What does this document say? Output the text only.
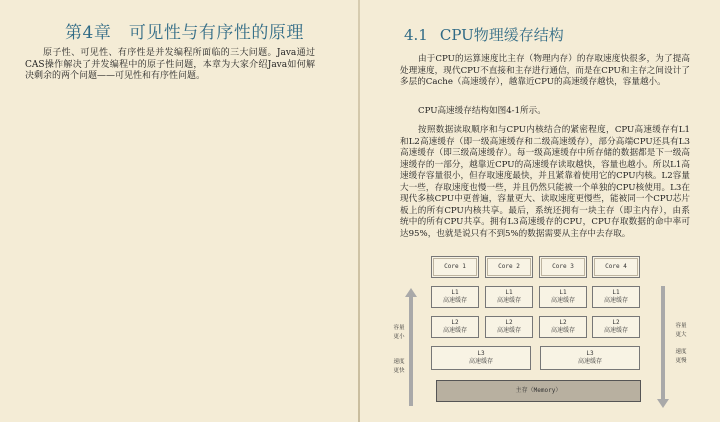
第4章　可见性与有序性的原理

原子性、可见性、有序性是并发编程所面临的三大问题。Java通过CAS操作解决了并发编程中的原子性问题，本章为大家介绍Java如何解决剩余的两个问题——可见性和有序性问题。

4.1 CPU物理缓存结构

由于CPU的运算速度比主存（物理内存）的存取速度快很多，为了提高处理速度，现代CPU不直接和主存进行通信，而是在CPU和主存之间设计了多层的Cache（高速缓存），越靠近CPU的高速缓存越快，容量越小。

CPU高速缓存结构如图4-1所示。

按照数据读取顺序和与CPU内核结合的紧密程度，CPU高速缓存有L1和L2高速缓存（即一级高速缓存和二级高速缓存），部分高端CPU还具有L3高速缓存（即三级高速缓存）。每一级高速缓存中所存储的数据都是下一级高速缓存的一部分，越靠近CPU的高速缓存读取越快，容量也越小。所以L1高速缓存容量很小，但存取速度最快，并且紧靠着使用它的CPU内核。L2容量大一些，存取速度也慢一些，并且仍然只能被一个单独的CPU核使用。L3在现代多核CPU中更普遍，容量更大、读取速度更慢些，能被同一个CPU芯片板上的所有CPU内核共享。最后，系统还拥有一块主存（即主内存），由系统中的所有CPU共享。拥有L3高速缓存的CPU，CPU存取数据的命中率可达95%，也就是说只有不到5%的数据需要从主存中去存取。

容量更小
速度更快
容量更大
速度更慢
Core 1	Core 2	Core 3	Core 4
L1
高速缓存
L1
高速缓存
L1
高速缓存
L1
高速缓存
L2
高速缓存
L2
高速缓存
L2
高速缓存
L2
高速缓存
L3
高速缓存
L3
高速缓存
主存（Memory）
